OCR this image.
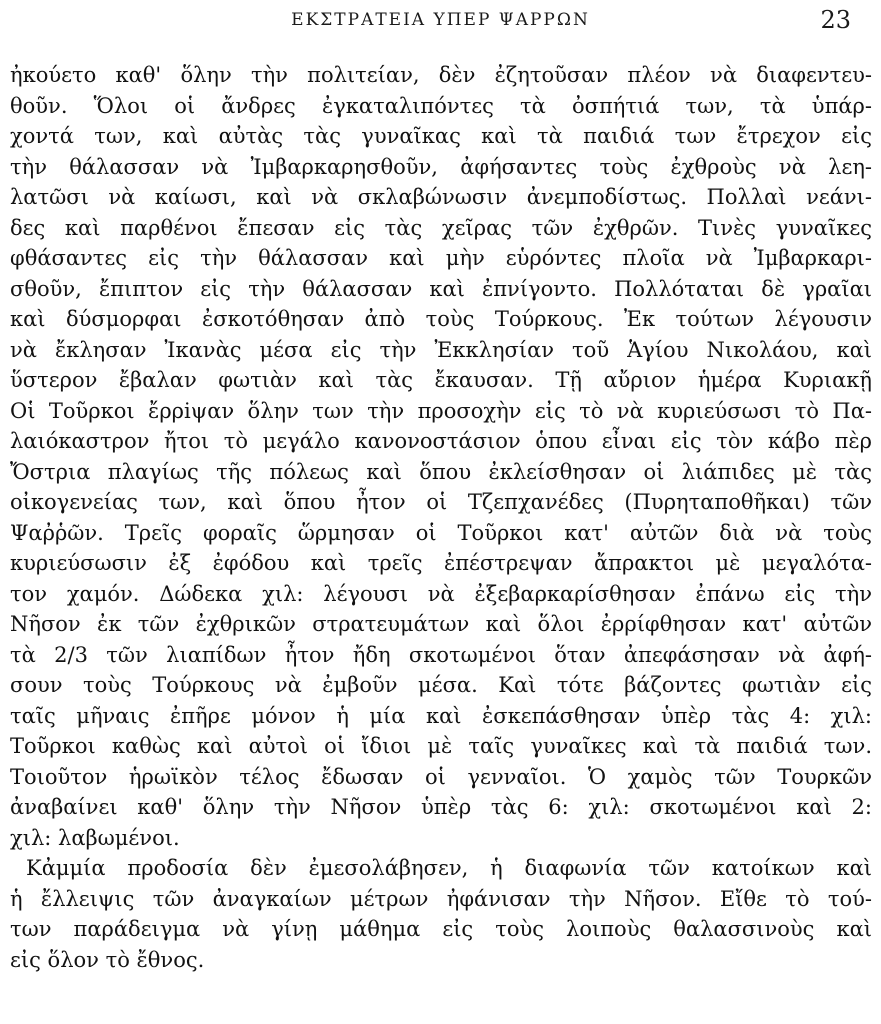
ΕΚΣΤΡΑΤΕΙΑ ΥΠΕΡ ΨΑΡΡΩΝ	23
ἠκούετο καθ' ὅλην τὴν πολιτείαν, δὲν ἐζητοῦσαν πλέον νὰ διαφεντευ-
θοῦν. Ὅλοι οἱ ἄνδρες ἐγκαταλιπόντες τὰ ὀσπήτιά των, τὰ ὑπάρ-
χοντά των, καὶ αὐτὰς τὰς γυναῖκας καὶ τὰ παιδιά των ἔτρεχον εἰς
τὴν θάλασσαν νὰ Ἰμβαρκαρησθοῦν, ἀφήσαντες τοὺς ἐχθροὺς νὰ λεη-
λατῶσι νὰ καίωσι, καὶ νὰ σκλαβώνωσιν ἀνεμποδίστως. Πολλαὶ νεάνι-
δες καὶ παρθένοι ἔπεσαν εἰς τὰς χεῖρας τῶν ἐχθρῶν. Τινὲς γυναῖκες
φθάσαντες εἰς τὴν θάλασσαν καὶ μὴν εὑρόντες πλοῖα νὰ Ἰμβαρκαρι-
σθοῦν, ἔπιπτον εἰς τὴν θάλασσαν καὶ ἐπνίγοντο. Πολλόταται δὲ γραῖαι
καὶ δύσμορφαι ἐσκοτόθησαν ἀπὸ τοὺς Τούρκους. Ἐκ τούτων λέγουσιν
νὰ ἔκλησαν Ἰκανὰς μέσα εἰς τὴν Ἐκκλησίαν τοῦ Ἁγίου Νικολάου, καὶ
ὕστερον ἔβαλαν φωτιὰν καὶ τὰς ἔκαυσαν. Τῇ αὔριον ἡμέρα Κυριακῇ
Οἱ Τοῦρκοι ἔρρiψαν ὅλην των τὴν προσοχὴν εἰς τὸ νὰ κυριεύσωσι τὸ Πα-
λαιόκαστρον ἤτοι τὸ μεγάλο κανονοστάσιον ὁπου εἶναι εἰς τὸν κάβο πὲρ
Ὄστρια πλαγίως τῆς πόλεως καὶ ὅπου ἐκλείσθησαν οἱ λιάπιδες μὲ τὰς
οἰκογενείας των, καὶ ὅπου ἦτον οἱ Τζεπχανέδες (Πυρηταποθῆκαι) τῶν
Ψαῤῥῶν. Τρεῖς φοραῖς ὥρμησαν οἱ Τοῦρκοι κατ' αὐτῶν διὰ νὰ τοὺς
κυριεύσωσιν ἐξ ἐφόδου καὶ τρεῖς ἐπέστρεψαν ἄπρακτοι μὲ μεγαλότα-
τον χαμόν. Δώδεκα χιλ: λέγουσι νὰ ἐξεβαρκαρίσθησαν ἐπάνω εἰς τὴν
Νῆσον ἐκ τῶν ἐχθρικῶν στρατευμάτων καὶ ὅλοι ἐρρίφθησαν κατ' αὐτῶν
τὰ 2/3 τῶν λιαπίδων ἦτον ἤδη σκοτωμένοι ὅταν ἀπεφάσησαν νὰ ἀφή-
σουν τοὺς Τούρκους νὰ ἐμβοῦν μέσα. Καὶ τότε βάζοντες φωτιὰν εἰς
ταῖς μῆναις ἐπῆρε μόνον ἡ μία καὶ ἐσκεπάσθησαν ὑπὲρ τὰς 4: χιλ:
Τοῦρκοι καθὼς καὶ αὐτοὶ οἱ ἴδιοι μὲ ταῖς γυναῖκες καὶ τὰ παιδιά των.
Τοιοῦτον ἡρωϊκὸν τέλος ἔδωσαν οἱ γενναῖοι. Ὁ χαμὸς τῶν Τουρκῶν
ἀναβαίνει καθ' ὅλην τὴν Νῆσον ὑπὲρ τὰς 6: χιλ: σκοτωμένοι καὶ 2:
χιλ: λαβωμένοι.
Κἀμμία προδοσία δὲν ἐμεσολάβησεν, ἡ διαφωνία τῶν κατοίκων καὶ
ἡ ἔλλειψις τῶν ἀναγκαίων μέτρων ἠφάνισαν τὴν Νῆσον. Εἴθε τὸ τού-
των παράδειγμα νὰ γίνῃ μάθημα εἰς τοὺς λοιποὺς θαλασσινοὺς καὶ
εἰς ὅλον τὸ ἔθνος.
